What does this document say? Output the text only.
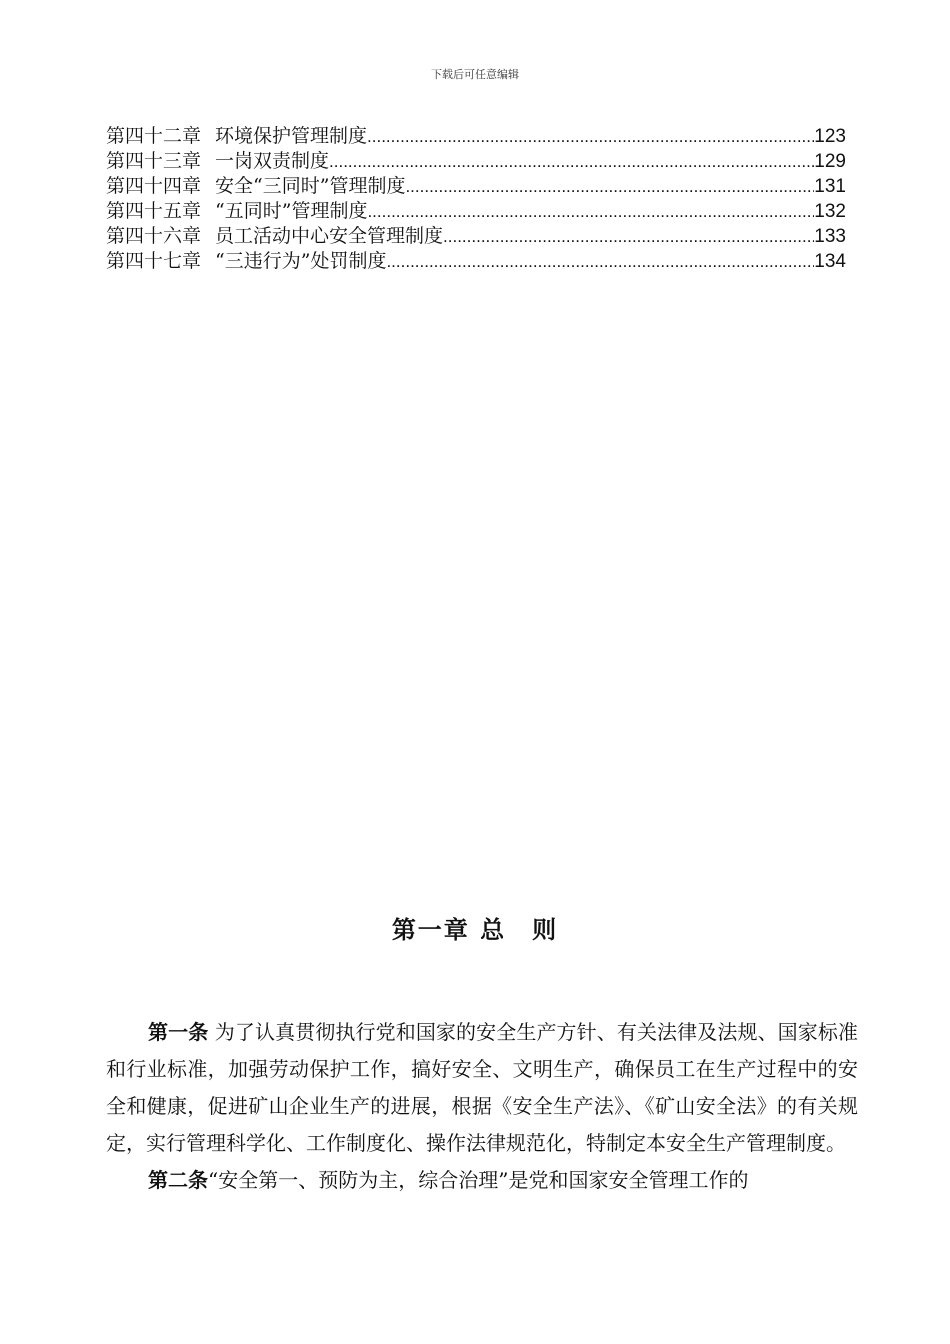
下载后可任意编辑
第四十二章 环境保护管理制度 .....	123
第四十三章 一岗双责制度 .....	129
第四十四章 安全“三同时”管理制度 .....	131
第四十五章 “五同时”管理制度 .....	132
第四十六章 员工活动中心安全管理制度 .....	133
第四十七章 “三违行为”处罚制度 .....	134
第一章 总　则

第一条 为了认真贯彻执行党和国家的安全生产方针、有关法律及法规、国家标准和行业标准，加强劳动保护工作，搞好安全、文明生产，确保员工在生产过程中的安全和健康，促进矿山企业生产的进展，根据《安全生产法》、《矿山安全法》的有关规定，实行管理科学化、工作制度化、操作法律规范化，特制定本安全生产管理制度。

第二条“安全第一、预防为主，综合治理”是党和国家安全管理工作的
